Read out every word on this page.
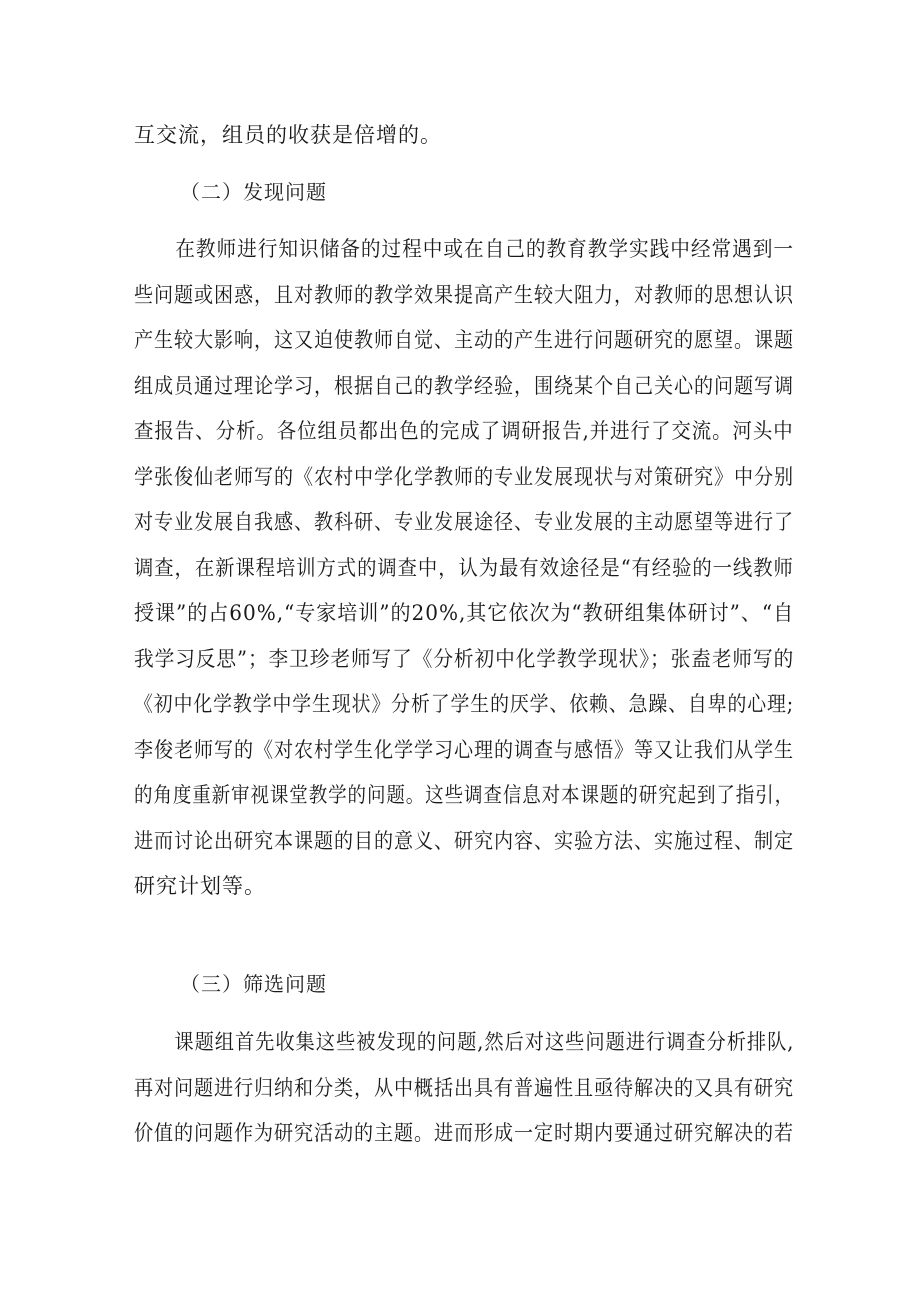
互交流，组员的收获是倍增的。
（二）发现问题
　　在教师进行知识储备的过程中或在自己的教育教学实践中经常遇到一
些问题或困惑，且对教师的教学效果提高产生较大阻力，对教师的思想认识
产生较大影响，这又迫使教师自觉、主动的产生进行问题研究的愿望。课题
组成员通过理论学习，根据自己的教学经验，围绕某个自己关心的问题写调
查报告、分析。各位组员都出色的完成了调研报告,并进行了交流。河头中
学张俊仙老师写的《农村中学化学教师的专业发展现状与对策研究》中分别
对专业发展自我感、教科研、专业发展途径、专业发展的主动愿望等进行了
调查，在新课程培训方式的调查中，认为最有效途径是“有经验的一线教师
授课”的占60%,“专家培训”的20%,其它依次为“教研组集体研讨”、“自
我学习反思”；李卫珍老师写了《分析初中化学教学现状》；张盍老师写的
《初中化学教学中学生现状》分析了学生的厌学、依赖、急躁、自卑的心理;
李俊老师写的《对农村学生化学学习心理的调查与感悟》等又让我们从学生
的角度重新审视课堂教学的问题。这些调查信息对本课题的研究起到了指引，
进而讨论出研究本课题的目的意义、研究内容、实验方法、实施过程、制定
研究计划等。
（三）筛选问题
　　课题组首先收集这些被发现的问题,然后对这些问题进行调查分析排队,
再对问题进行归纳和分类，从中概括出具有普遍性且亟待解决的又具有研究
价值的问题作为研究活动的主题。进而形成一定时期内要通过研究解决的若
